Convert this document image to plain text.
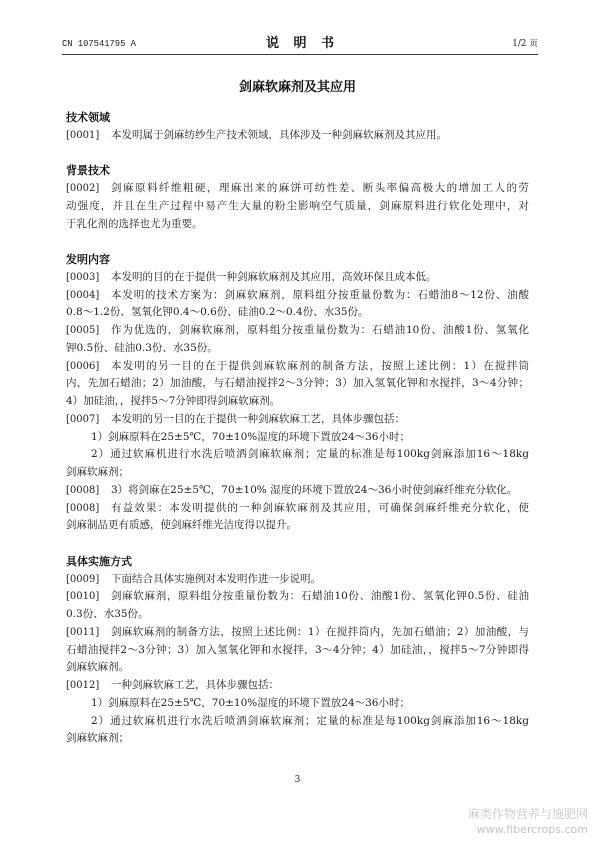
CN 107541795 A	说 明 书	1/2 页
剑麻软麻剂及其应用
技术领域
[0001] 本发明属于剑麻纺纱生产技术领域，具体涉及一种剑麻软麻剂及其应用。
背景技术
[0002] 剑麻原料纤维粗硬，理麻出来的麻饼可纺性差、断头率偏高极大的增加工人的劳
动强度，并且在生产过程中易产生大量的粉尘影响空气质量，剑麻原料进行软化处理中，对
于乳化剂的选择也尤为重要。
发明内容
[0003] 本发明的目的在于提供一种剑麻软麻剂及其应用，高效环保且成本低。
[0004] 本发明的技术方案为：剑麻软麻剂，原料组分按重量份数为：石蜡油8～12份、油酸
0.8～1.2份、氢氧化钾0.4～0.6份、硅油0.2～0.4份、水35份。
[0005] 作为优选的，剑麻软麻剂，原料组分按重量份数为：石蜡油10份、油酸1份、氢氧化
钾0.5份、硅油0.3份、水35份。
[0006] 本发明的另一目的在于提供剑麻软麻剂的制备方法，按照上述比例：1）在搅拌筒
内，先加石蜡油；2）加油酸，与石蜡油搅拌2～3分钟；3）加入氢氧化钾和水搅拌，3～4分钟；
4）加硅油，，搅拌5～7分钟即得剑麻软麻剂。
[0007] 本发明的另一目的在于提供一种剑麻软麻工艺，具体步骤包括：
1）剑麻原料在25±5℃，70±10%湿度的环境下置放24～36小时；
2）通过软麻机进行水洗后喷洒剑麻软麻剂；定量的标准是每100kg剑麻添加16～18kg
剑麻软麻剂；
[0008] 3）将剑麻在25±5℃，70±10% 湿度的环境下置放24～36小时使剑麻纤维充分软化。
[0008] 有益效果：本发明提供的一种剑麻软麻剂及其应用，可确保剑麻纤维充分软化，使
剑麻制品更有质感，使剑麻纤维光洁度得以提升。
具体实施方式
[0009] 下面结合具体实施例对本发明作进一步说明。
[0010] 剑麻软麻剂，原料组分按重量份数为：石蜡油10份、油酸1份、氢氧化钾0.5份、硅油
0.3份、水35份。
[0011] 剑麻软麻剂的制备方法，按照上述比例：1）在搅拌筒内，先加石蜡油；2）加油酸，与
石蜡油搅拌2～3分钟；3）加入氢氧化钾和水搅拌，3～4分钟；4）加硅油，，搅拌5～7分钟即得
剑麻软麻剂。
[0012] 一种剑麻软麻工艺，具体步骤包括：
1）剑麻原料在25±5℃，70±10%湿度的环境下置放24～36小时；
2）通过软麻机进行水洗后喷洒剑麻软麻剂；定量的标准是每100kg剑麻添加16～18kg
剑麻软麻剂；
3
麻类作物营养与施肥网
www.fibercrops.com
